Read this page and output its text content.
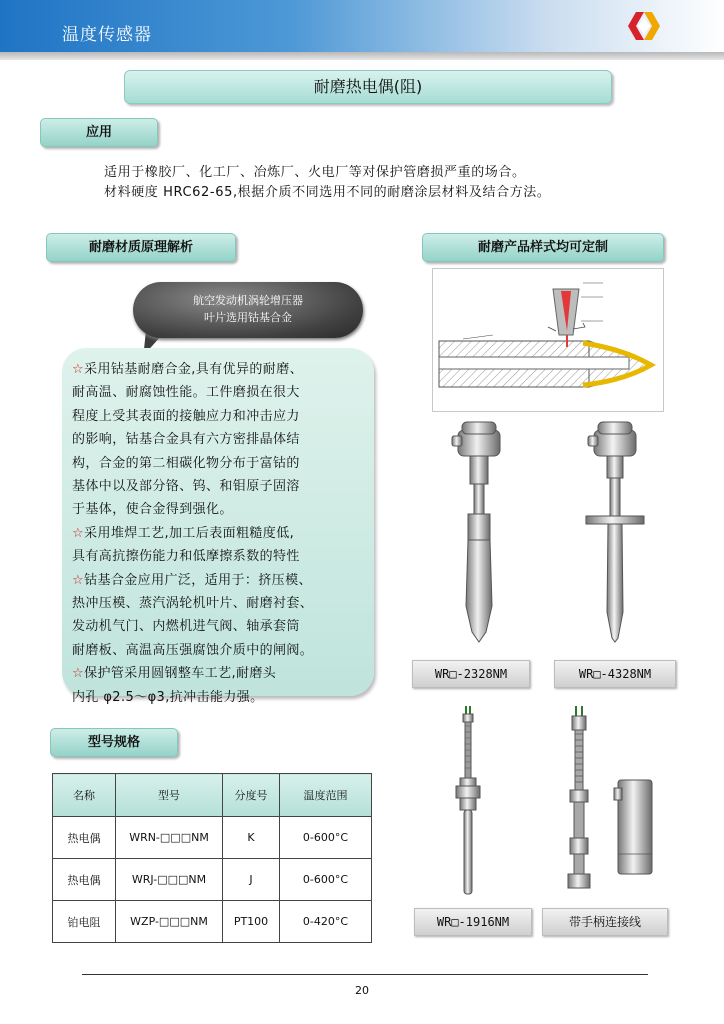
温度传感器
耐磨热电偶(阻)
应用
适用于橡胶厂、化工厂、冶炼厂、火电厂等对保护管磨损严重的场合。
材料硬度 HRC62-65,根据介质不同选用不同的耐磨涂层材料及结合方法。
耐磨材质原理解析	耐磨产品样式均可定制
航空发动机涡轮增压器
叶片选用钴基合金
☆采用钴基耐磨合金,具有优异的耐磨、
耐高温、耐腐蚀性能。工件磨损在很大
程度上受其表面的接触应力和冲击应力
的影响，钴基合金具有六方密排晶体结
构，合金的第二相碳化物分布于富钴的
基体中以及部分铬、钨、和钼原子固溶
于基体，使合金得到强化。
☆采用堆焊工艺,加工后表面粗糙度低,
具有高抗擦伤能力和低摩擦系数的特性
☆钴基合金应用广泛，适用于：挤压模、
热冲压模、蒸汽涡轮机叶片、耐磨衬套、
发动机气门、内燃机进气阀、轴承套筒
耐磨板、高温高压强腐蚀介质中的闸阀。
☆保护管采用圆钢整车工艺,耐磨头
内孔 φ2.5～φ3,抗冲击能力强。
型号规格
名称	型号	分度号	温度范围
热电偶	WRN-□□□NM	K	0-600°C
热电偶	WRJ-□□□NM	J	0-600°C
铂电阻	WZP-□□□NM	PT100	0-420°C
WR□-2328NM	WR□-4328NM
WR□-1916NM	带手柄连接线
20
